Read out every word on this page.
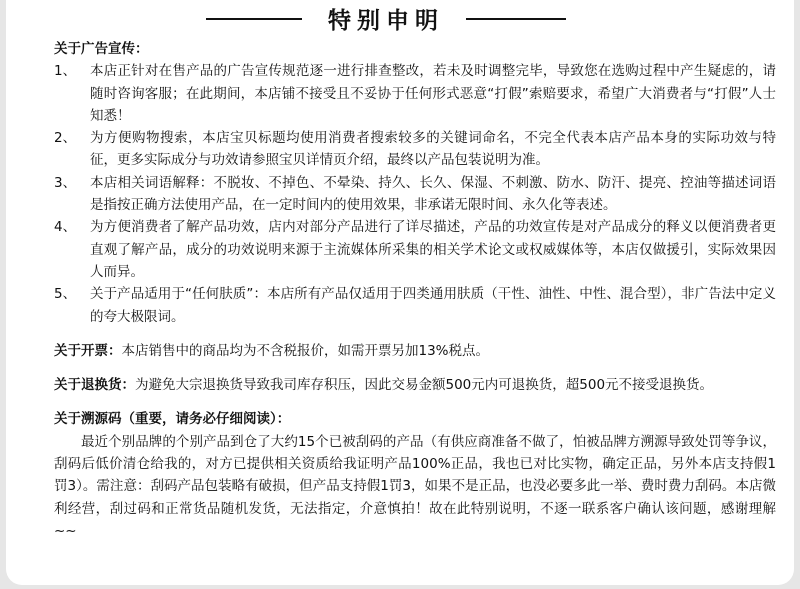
特别申明
关于广告宣传：
1、	本店正针对在售产品的广告宣传规范逐一进行排查整改，若未及时调整完毕，导致您在选购过程中产生疑虑的，请随时咨询客服；在此期间，本店铺不接受且不妥协于任何形式恶意“打假”索赔要求，希望广大消费者与“打假”人士知悉！
2、	为方便购物搜索，本店宝贝标题均使用消费者搜索较多的关键词命名，不完全代表本店产品本身的实际功效与特征，更多实际成分与功效请参照宝贝详情页介绍，最终以产品包装说明为准。
3、	本店相关词语解释：不脱妆、不掉色、不晕染、持久、长久、保湿、不刺激、防水、防汗、提亮、控油等描述词语是指按正确方法使用产品，在一定时间内的使用效果，非承诺无限时间、永久化等表述。
4、	为方便消费者了解产品功效，店内对部分产品进行了详尽描述，产品的功效宣传是对产品成分的释义以便消费者更直观了解产品，成分的功效说明来源于主流媒体所采集的相关学术论文或权威媒体等，本店仅做援引，实际效果因人而异。
5、	关于产品适用于“任何肤质”：本店所有产品仅适用于四类通用肤质（干性、油性、中性、混合型），非广告法中定义的夸大极限词。
关于开票：本店销售中的商品均为不含税报价，如需开票另加13%税点。
关于退换货：为避免大宗退换货导致我司库存积压，因此交易金额500元内可退换货，超500元不接受退换货。
关于溯源码（重要，请务必仔细阅读）：
最近个别品牌的个别产品到仓了大约15个已被刮码的产品（有供应商准备不做了，怕被品牌方溯源导致处罚等争议，刮码后低价清仓给我的，对方已提供相关资质给我证明产品100%正品，我也已对比实物，确定正品，另外本店支持假1罚3）。需注意：刮码产品包装略有破损，但产品支持假1罚3，如果不是正品，也没必要多此一举、费时费力刮码。本店微利经营，刮过码和正常货品随机发货，无法指定，介意慎拍！故在此特别说明，不逐一联系客户确认该问题，感谢理解~~
